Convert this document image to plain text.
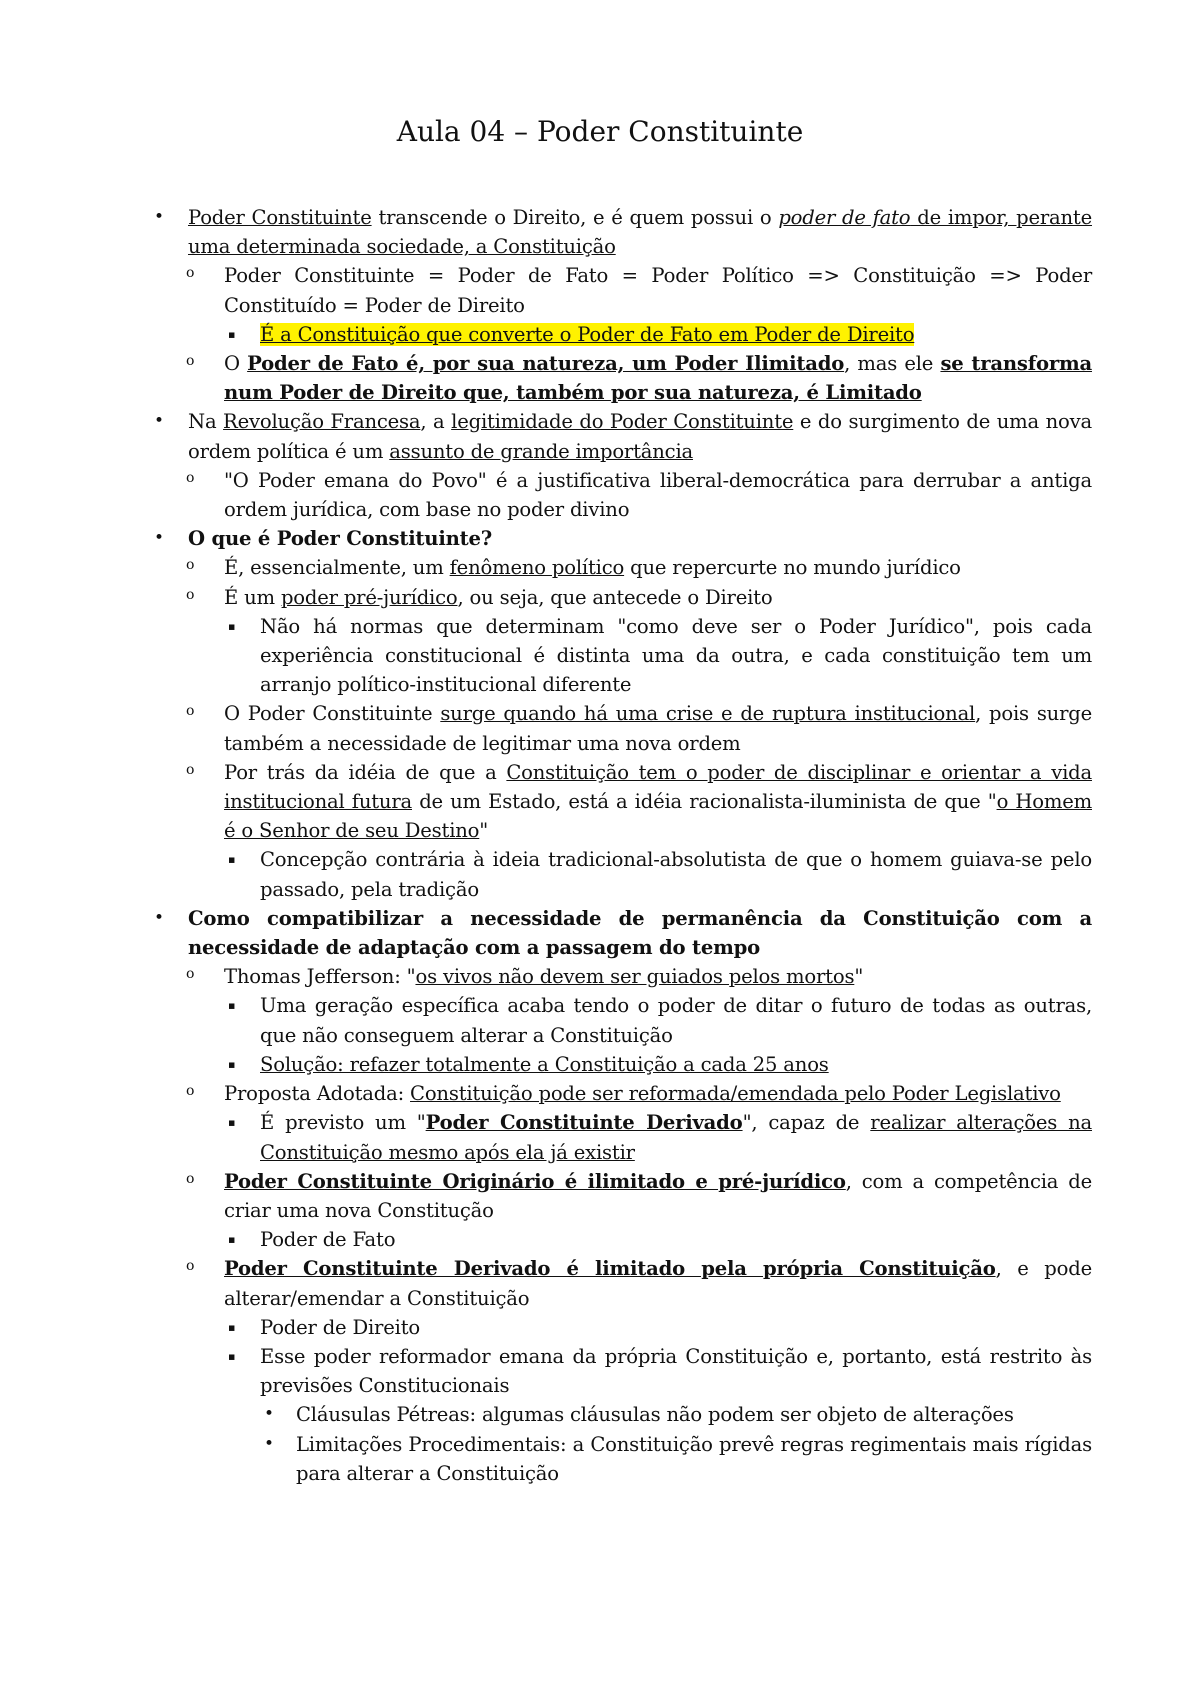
Aula 04 – Poder Constituinte
• Poder Constituinte transcende o Direito, e é quem possui o poder de fato de impor, perante uma determinada sociedade, a Constituição
o Poder Constituinte = Poder de Fato = Poder Político => Constituição => Poder Constituído = Poder de Direito
▪ É a Constituição que converte o Poder de Fato em Poder de Direito
o O Poder de Fato é, por sua natureza, um Poder Ilimitado, mas ele se transforma num Poder de Direito que, também por sua natureza, é Limitado
• Na Revolução Francesa, a legitimidade do Poder Constituinte e do surgimento de uma nova ordem política é um assunto de grande importância
o "O Poder emana do Povo" é a justificativa liberal-democrática para derrubar a antiga ordem jurídica, com base no poder divino
• O que é Poder Constituinte?
o É, essencialmente, um fenômeno político que repercurte no mundo jurídico
o É um poder pré-jurídico, ou seja, que antecede o Direito
▪ Não há normas que determinam "como deve ser o Poder Jurídico", pois cada experiência constitucional é distinta uma da outra, e cada constituição tem um arranjo político-institucional diferente
o O Poder Constituinte surge quando há uma crise e de ruptura institucional, pois surge também a necessidade de legitimar uma nova ordem
o Por trás da idéia de que a Constituição tem o poder de disciplinar e orientar a vida institucional futura de um Estado, está a idéia racionalista-iluminista de que "o Homem é o Senhor de seu Destino"
▪ Concepção contrária à ideia tradicional-absolutista de que o homem guiava-se pelo passado, pela tradição
• Como compatibilizar a necessidade de permanência da Constituição com a necessidade de adaptação com a passagem do tempo
o Thomas Jefferson: "os vivos não devem ser guiados pelos mortos"
▪ Uma geração específica acaba tendo o poder de ditar o futuro de todas as outras, que não conseguem alterar a Constituição
▪ Solução: refazer totalmente a Constituição a cada 25 anos
o Proposta Adotada: Constituição pode ser reformada/emendada pelo Poder Legislativo
▪ É previsto um "Poder Constituinte Derivado", capaz de realizar alterações na Constituição mesmo após ela já existir
o Poder Constituinte Originário é ilimitado e pré-jurídico, com a competência de criar uma nova Constitução
▪ Poder de Fato
o Poder Constituinte Derivado é limitado pela própria Constituição, e pode alterar/emendar a Constituição
▪ Poder de Direito
▪ Esse poder reformador emana da própria Constituição e, portanto, está restrito às previsões Constitucionais
• Cláusulas Pétreas: algumas cláusulas não podem ser objeto de alterações
• Limitações Procedimentais: a Constituição prevê regras regimentais mais rígidas para alterar a Constituição
